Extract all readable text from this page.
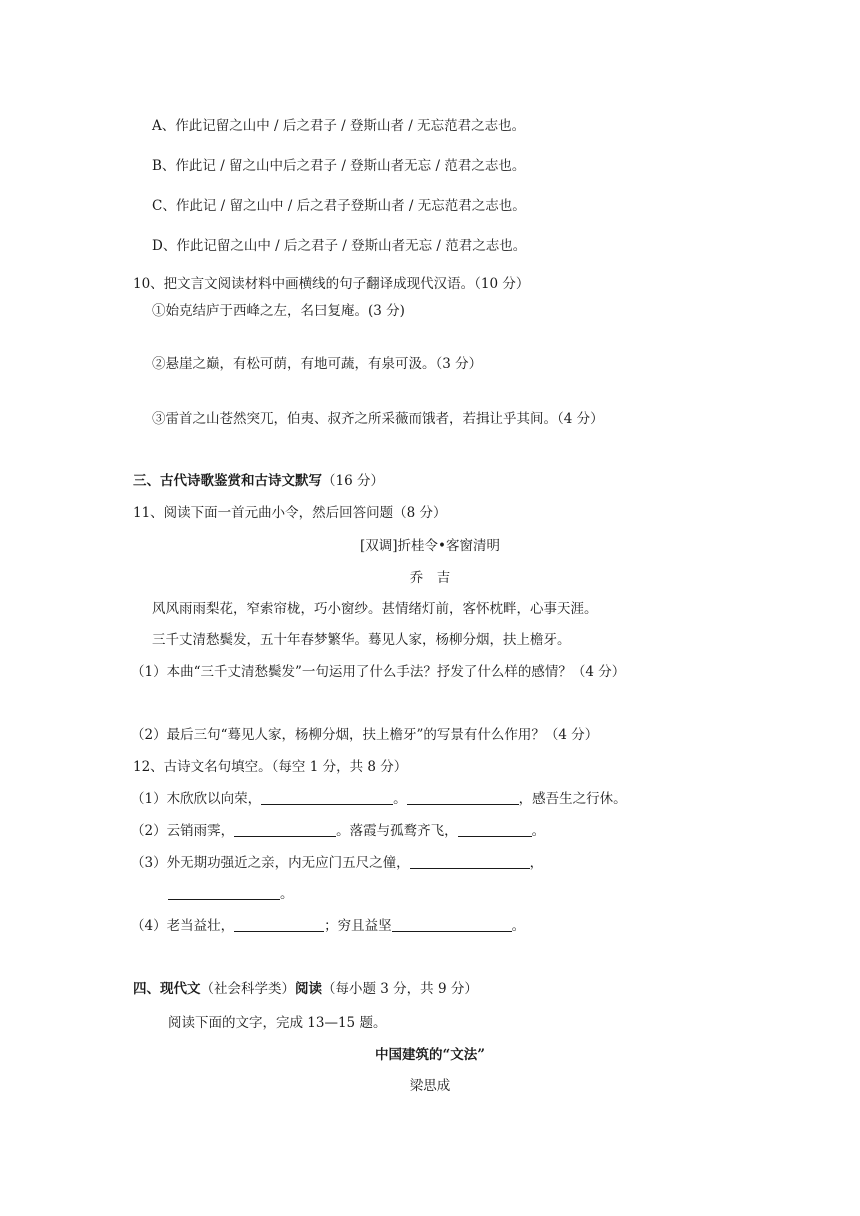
A、作此记留之山中 / 后之君子 / 登斯山者 / 无忘范君之志也。
B、作此记 / 留之山中后之君子 / 登斯山者无忘 / 范君之志也。
C、作此记 / 留之山中 / 后之君子登斯山者 / 无忘范君之志也。
D、作此记留之山中 / 后之君子 / 登斯山者无忘 / 范君之志也。
10、把文言文阅读材料中画横线的句子翻译成现代汉语。（10 分）
①始克结庐于西峰之左，名曰复庵。(3 分)
②悬崖之巅，有松可荫，有地可蔬，有泉可汲。（3 分）
③雷首之山苍然突兀，伯夷、叔齐之所采薇而饿者，若揖让乎其间。（4 分）
三、古代诗歌鉴赏和古诗文默写（16 分）
11、阅读下面一首元曲小令，然后回答问题（8 分）
[双调]折桂令•客窗清明
乔　吉
风风雨雨梨花，窄索帘栊，巧小窗纱。甚情绪灯前，客怀枕畔，心事天涯。
三千丈清愁鬓发，五十年春梦繁华。蓦见人家，杨柳分烟，扶上檐牙。
（1）本曲“三千丈清愁鬓发”一句运用了什么手法？抒发了什么样的感情？（4 分）
（2）最后三句“蓦见人家，杨柳分烟，扶上檐牙”的写景有什么作用？（4 分）
12、古诗文名句填空。（每空 1 分，共 8 分）
（1）木欣欣以向荣，	。	，感吾生之行休。
（2）云销雨霁，	。落霞与孤鹜齐飞，	。
（3）外无期功强近之亲，内无应门五尺之僮，	，
。
（4）老当益壮，	；穷且益坚	。
四、现代文（社会科学类）阅读（每小题 3 分，共 9 分）
阅读下面的文字，完成 13—15 题。
中国建筑的“文法”
梁思成
